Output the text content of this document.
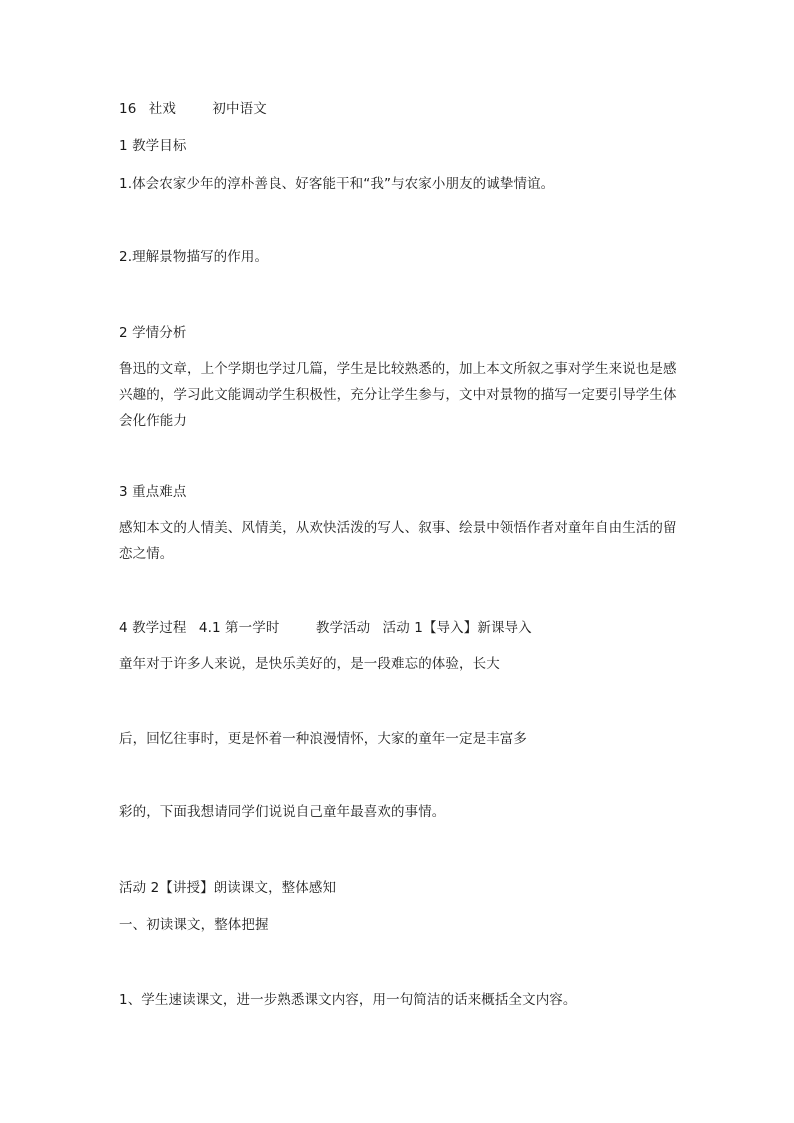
16 社戏	初中语文
1 教学目标
1.体会农家少年的淳朴善良、好客能干和“我”与农家小朋友的诚挚情谊。
2.理解景物描写的作用。
2 学情分析
鲁迅的文章，上个学期也学过几篇，学生是比较熟悉的，加上本文所叙之事对学生来说也是感兴趣的，学习此文能调动学生积极性，充分让学生参与，文中对景物的描写一定要引导学生体会化作能力
3 重点难点
感知本文的人情美、风情美，从欢快活泼的写人、叙事、绘景中领悟作者对童年自由生活的留恋之情。
4 教学过程 4.1 第一学时	教学活动 活动 1【导入】新课导入
童年对于许多人来说，是快乐美好的，是一段难忘的体验，长大
后，回忆往事时，更是怀着一种浪漫情怀，大家的童年一定是丰富多
彩的，下面我想请同学们说说自己童年最喜欢的事情。
活动 2【讲授】朗读课文，整体感知
一、初读课文，整体把握
1、学生速读课文，进一步熟悉课文内容，用一句简洁的话来概括全文内容。
